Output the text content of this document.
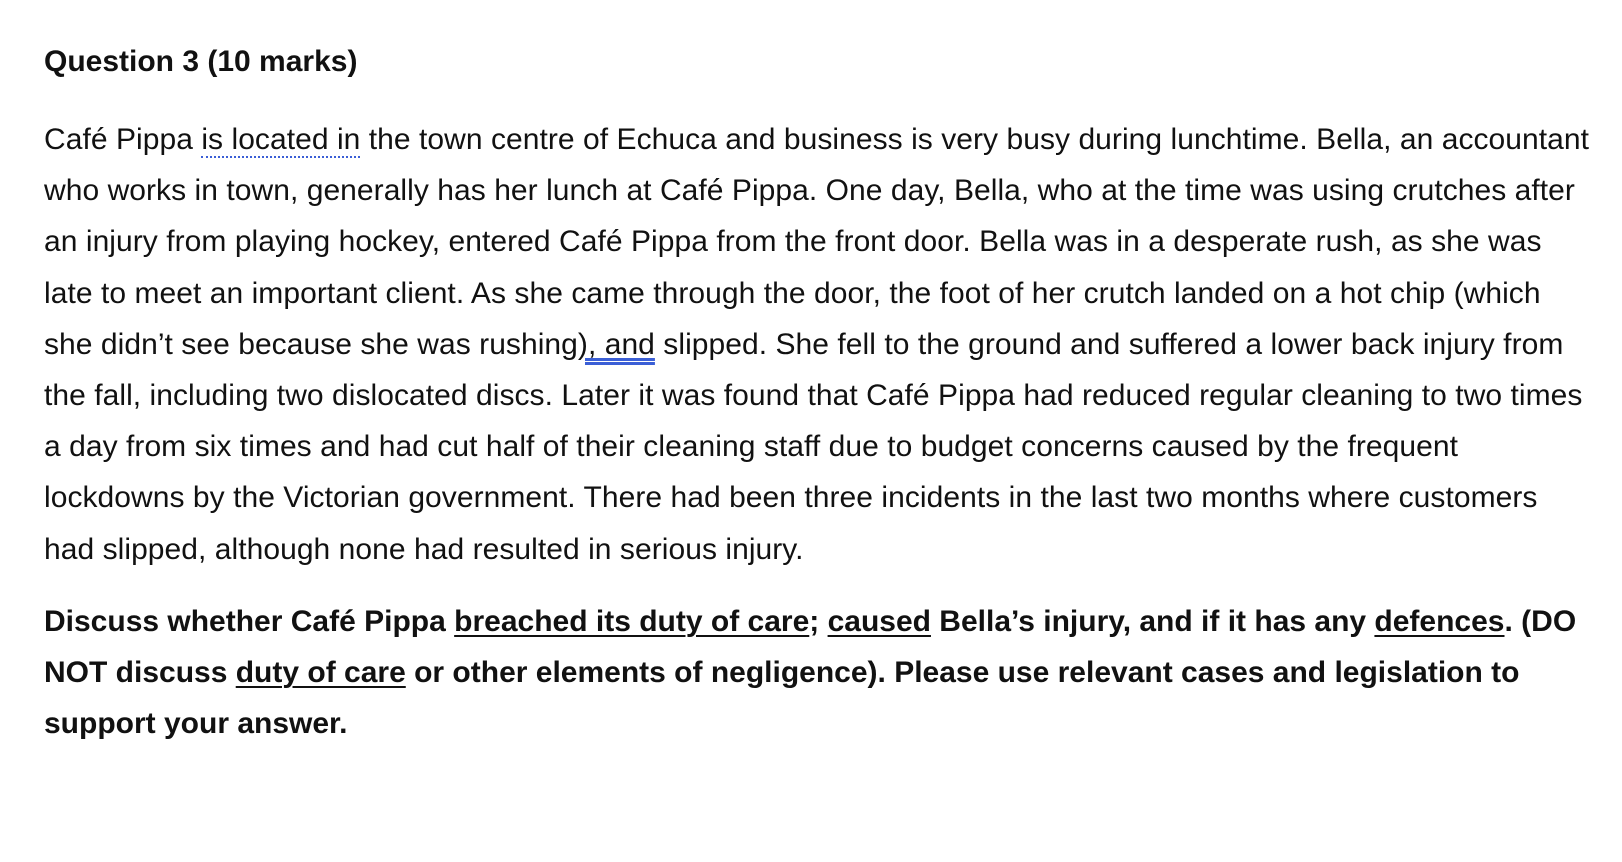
Question 3 (10 marks)

Café Pippa is located in the town centre of Echuca and business is very busy during lunchtime. Bella, an accountant who works in town, generally has her lunch at Café Pippa. One day, Bella, who at the time was using crutches after an injury from playing hockey, entered Café Pippa from the front door. Bella was in a desperate rush, as she was late to meet an important client. As she came through the door, the foot of her crutch landed on a hot chip (which she didn’t see because she was rushing), and slipped. She fell to the ground and suffered a lower back injury from the fall, including two dislocated discs. Later it was found that Café Pippa had reduced regular cleaning to two times a day from six times and had cut half of their cleaning staff due to budget concerns caused by the frequent lockdowns by the Victorian government. There had been three incidents in the last two months where customers had slipped, although none had resulted in serious injury.

Discuss whether Café Pippa breached its duty of care; caused Bella’s injury, and if it has any defences. (DO NOT discuss duty of care or other elements of negligence). Please use relevant cases and legislation to support your answer.
